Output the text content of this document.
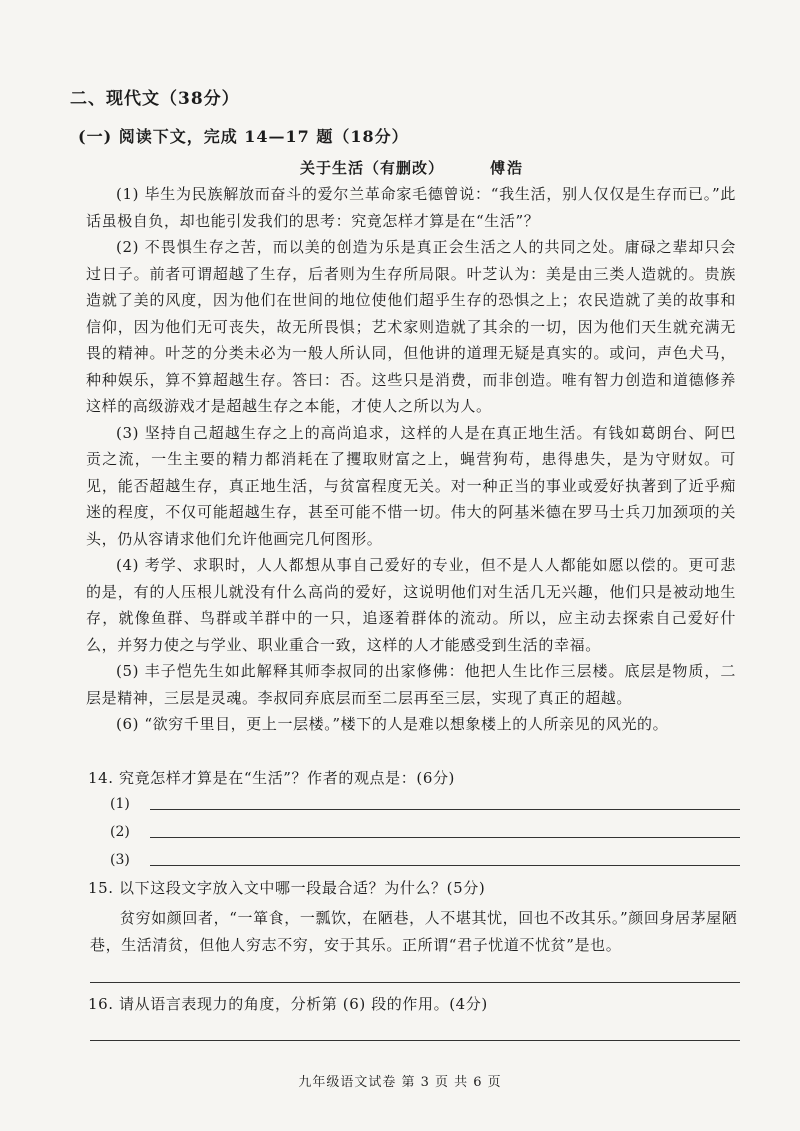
二、现代文（38分）
(一) 阅读下文，完成 14—17 题（18分）
关于生活（有删改）	傅浩

(1) 毕生为民族解放而奋斗的爱尔兰革命家毛德曾说：“我生活，别人仅仅是生存而已。”此话虽极自负，却也能引发我们的思考：究竟怎样才算是在“生活”？

(2) 不畏惧生存之苦，而以美的创造为乐是真正会生活之人的共同之处。庸碌之辈却只会过日子。前者可谓超越了生存，后者则为生存所局限。叶芝认为：美是由三类人造就的。贵族造就了美的风度，因为他们在世间的地位使他们超乎生存的恐惧之上；农民造就了美的故事和信仰，因为他们无可丧失，故无所畏惧；艺术家则造就了其余的一切，因为他们天生就充满无畏的精神。叶芝的分类未必为一般人所认同，但他讲的道理无疑是真实的。或问，声色犬马，种种娱乐，算不算超越生存。答曰：否。这些只是消费，而非创造。唯有智力创造和道德修养这样的高级游戏才是超越生存之本能，才使人之所以为人。

(3) 坚持自己超越生存之上的高尚追求，这样的人是在真正地生活。有钱如葛朗台、阿巴贡之流，一生主要的精力都消耗在了攫取财富之上，蝇营狗苟，患得患失，是为守财奴。可见，能否超越生存，真正地生活，与贫富程度无关。对一种正当的事业或爱好执著到了近乎痴迷的程度，不仅可能超越生存，甚至可能不惜一切。伟大的阿基米德在罗马士兵刀加颈项的关头，仍从容请求他们允许他画完几何图形。

(4) 考学、求职时，人人都想从事自己爱好的专业，但不是人人都能如愿以偿的。更可悲的是，有的人压根儿就没有什么高尚的爱好，这说明他们对生活几无兴趣，他们只是被动地生存，就像鱼群、鸟群或羊群中的一只，追逐着群体的流动。所以，应主动去探索自己爱好什么，并努力使之与学业、职业重合一致，这样的人才能感受到生活的幸福。

(5) 丰子恺先生如此解释其师李叔同的出家修佛：他把人生比作三层楼。底层是物质，二层是精神，三层是灵魂。李叔同弃底层而至二层再至三层，实现了真正的超越。

(6) “欲穷千里目，更上一层楼。”楼下的人是难以想象楼上的人所亲见的风光的。

14. 究竟怎样才算是在“生活”？作者的观点是：(6分)
(1)
(2)
(3)
15. 以下这段文字放入文中哪一段最合适？为什么？(5分)

贫穷如颜回者，“一箪食，一瓢饮，在陋巷，人不堪其忧，回也不改其乐。”颜回身居茅屋陋巷，生活清贫，但他人穷志不穷，安于其乐。正所谓“君子忧道不忧贫”是也。

16. 请从语言表现力的角度，分析第 (6) 段的作用。(4分)
九年级语文试卷 第 3 页 共 6 页
